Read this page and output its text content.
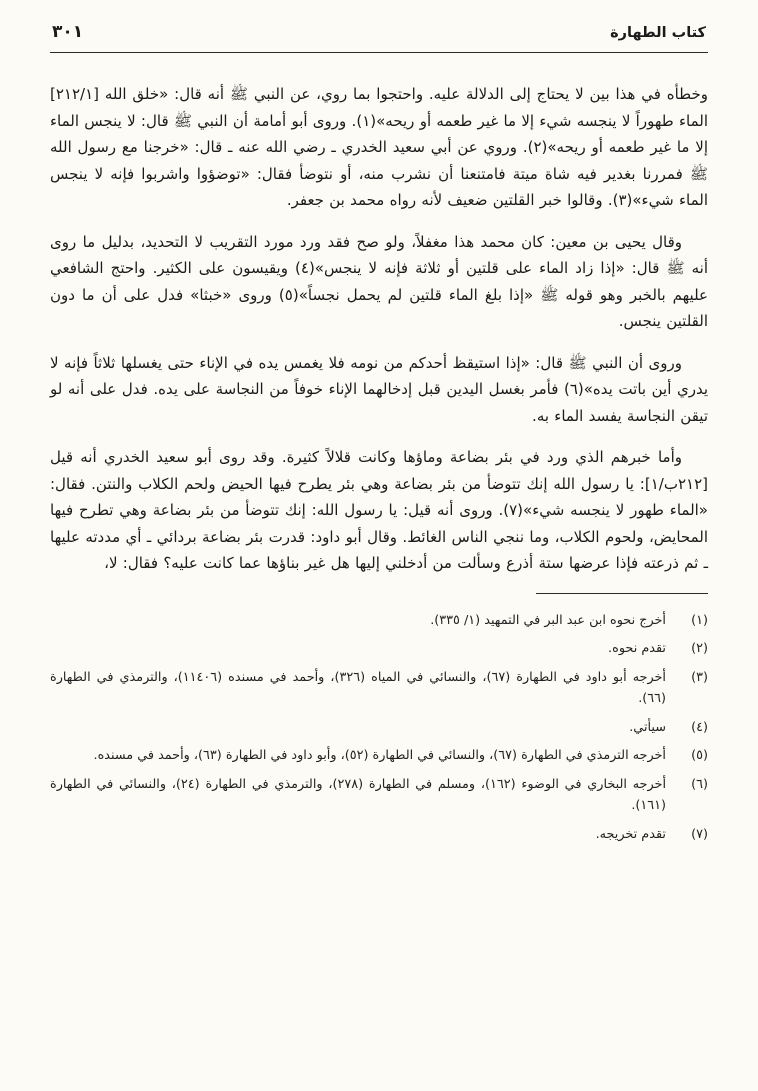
كتاب الطهارة
٣٠١

وخطأه في هذا بين لا يحتاج إلى الدلالة عليه. واحتجوا بما روي، عن النبي ﷺ أنه قال: «خلق الله [٢١٢/١] الماء طهوراً لا ينجسه شيء إلا ما غير طعمه أو ريحه»(١). وروى أبو أمامة أن النبي ﷺ قال: لا ينجس الماء إلا ما غير طعمه أو ريحه»(٢). وروي عن أبي سعيد الخدري ـ رضي الله عنه ـ قال: «خرجنا مع رسول الله ﷺ فمررنا بغدير فيه شاة ميتة فامتنعنا أن نشرب منه، أو نتوضأ فقال: «توضؤوا واشربوا فإنه لا ينجس الماء شيء»(٣). وقالوا خبر القلتين ضعيف لأنه رواه محمد بن جعفر.

وقال يحيى بن معين: كان محمد هذا مغفلاً، ولو صح فقد ورد مورد التقريب لا التحديد، بدليل ما روى أنه ﷺ قال: «إذا زاد الماء على قلتين أو ثلاثة فإنه لا ينجس»(٤) ويقيسون على الكثير. واحتج الشافعي عليهم بالخبر وهو قوله ﷺ «إذا بلغ الماء قلتين لم يحمل نجساً»(٥) وروى «خبثا» فدل على أن ما دون القلتين ينجس.

وروى أن النبي ﷺ قال: «إذا استيقظ أحدكم من نومه فلا يغمس يده في الإناء حتى يغسلها ثلاثاً فإنه لا يدري أين باتت يده»(٦) فأمر بغسل اليدين قبل إدخالهما الإناء خوفاً من النجاسة على يده. فدل على أنه لو تيقن النجاسة يفسد الماء به.

وأما خبرهم الذي ورد في بئر بضاعة وماؤها وكانت قلالاً كثيرة. وقد روى أبو سعيد الخدري أنه قيل [٢١٢ب/١]: يا رسول الله إنك تتوضأ من بئر بضاعة وهي بئر يطرح فيها الحيض ولحم الكلاب والنتن. فقال: «الماء طهور لا ينجسه شيء»(٧). وروى أنه قيل: يا رسول الله: إنك تتوضأ من بئر بضاعة وهي تطرح فيها المحايض، ولحوم الكلاب، وما ننجي الناس الغائط. وقال أبو داود: قدرت بئر بضاعة بردائي ـ أي مددته عليها ـ ثم ذرعته فإذا عرضها ستة أذرع وسألت من أدخلني إليها هل غير بناؤها عما كانت عليه؟ فقال: لا،

(١)
أخرج نحوه ابن عبد البر في التمهيد (١/ ٣٣٥).
(٢)
تقدم نحوه.
(٣)
أخرجه أبو داود في الطهارة (٦٧)، والنسائي في المياه (٣٢٦)، وأحمد في مسنده (١١٤٠٦)، والترمذي في الطهارة (٦٦).
(٤)
سيأتي.
(٥)
أخرجه الترمذي في الطهارة (٦٧)، والنسائي في الطهارة (٥٢)، وأبو داود في الطهارة (٦٣)، وأحمد في مسنده.
(٦)
أخرجه البخاري في الوضوء (١٦٢)، ومسلم في الطهارة (٢٧٨)، والترمذي في الطهارة (٢٤)، والنسائي في الطهارة (١٦١).
(٧)
تقدم تخريجه.
